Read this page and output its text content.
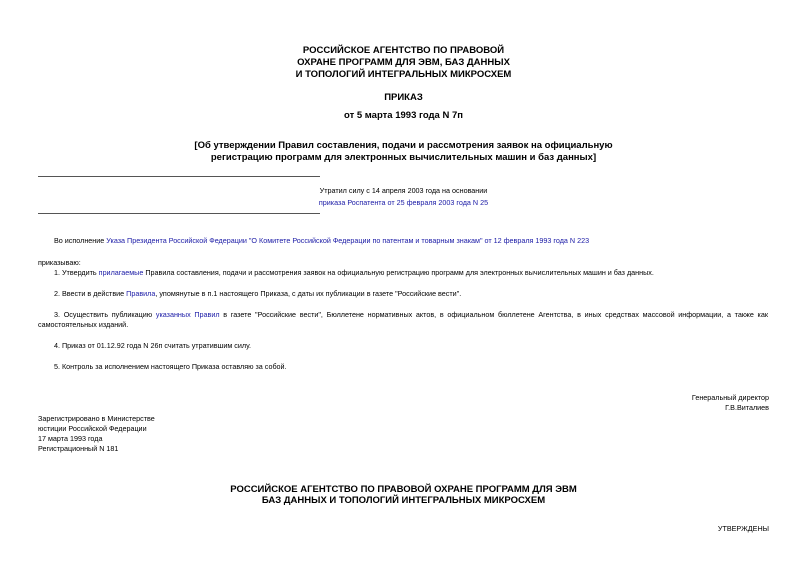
РОССИЙСКОЕ АГЕНТСТВО ПО ПРАВОВОЙ
ОХРАНЕ ПРОГРАММ ДЛЯ ЭВМ, БАЗ ДАННЫХ
И ТОПОЛОГИЙ ИНТЕГРАЛЬНЫХ МИКРОСХЕМ
ПРИКАЗ
от 5 марта 1993 года N 7п
[Об утверждении Правил составления, подачи и рассмотрения заявок на официальную
регистрацию программ для электронных вычислительных машин и баз данных]
Утратил силу с 14 апреля 2003 года на основании
приказа Роспатента от 25 февраля 2003 года N 25
Во исполнение Указа Президента Российской Федерации "О Комитете Российской Федерации по патентам и товарным знакам" от 12 февраля 1993 года N 223
приказываю:
1. Утвердить прилагаемые Правила составления, подачи и рассмотрения заявок на официальную регистрацию программ для электронных вычислительных машин и баз данных.
2. Ввести в действие Правила, упомянутые в п.1 настоящего Приказа, с даты их публикации в газете "Российские вести".
3. Осуществить публикацию указанных Правил в газете "Российские вести", Бюллетене нормативных актов, в официальном бюллетене Агентства, в иных средствах массовой информации, а также как самостоятельных изданий.
4. Приказ от 01.12.92 года N 26п считать утратившим силу.
5. Контроль за исполнением настоящего Приказа оставляю за собой.
Генеральный директор
Г.В.Виталиев
Зарегистрировано в Министерстве
юстиции Российской Федерации
17 марта 1993 года
Регистрационный N 181
РОССИЙСКОЕ АГЕНТСТВО ПО ПРАВОВОЙ ОХРАНЕ ПРОГРАММ ДЛЯ ЭВМ
БАЗ ДАННЫХ И ТОПОЛОГИЙ ИНТЕГРАЛЬНЫХ МИКРОСХЕМ
УТВЕРЖДЕНЫ
